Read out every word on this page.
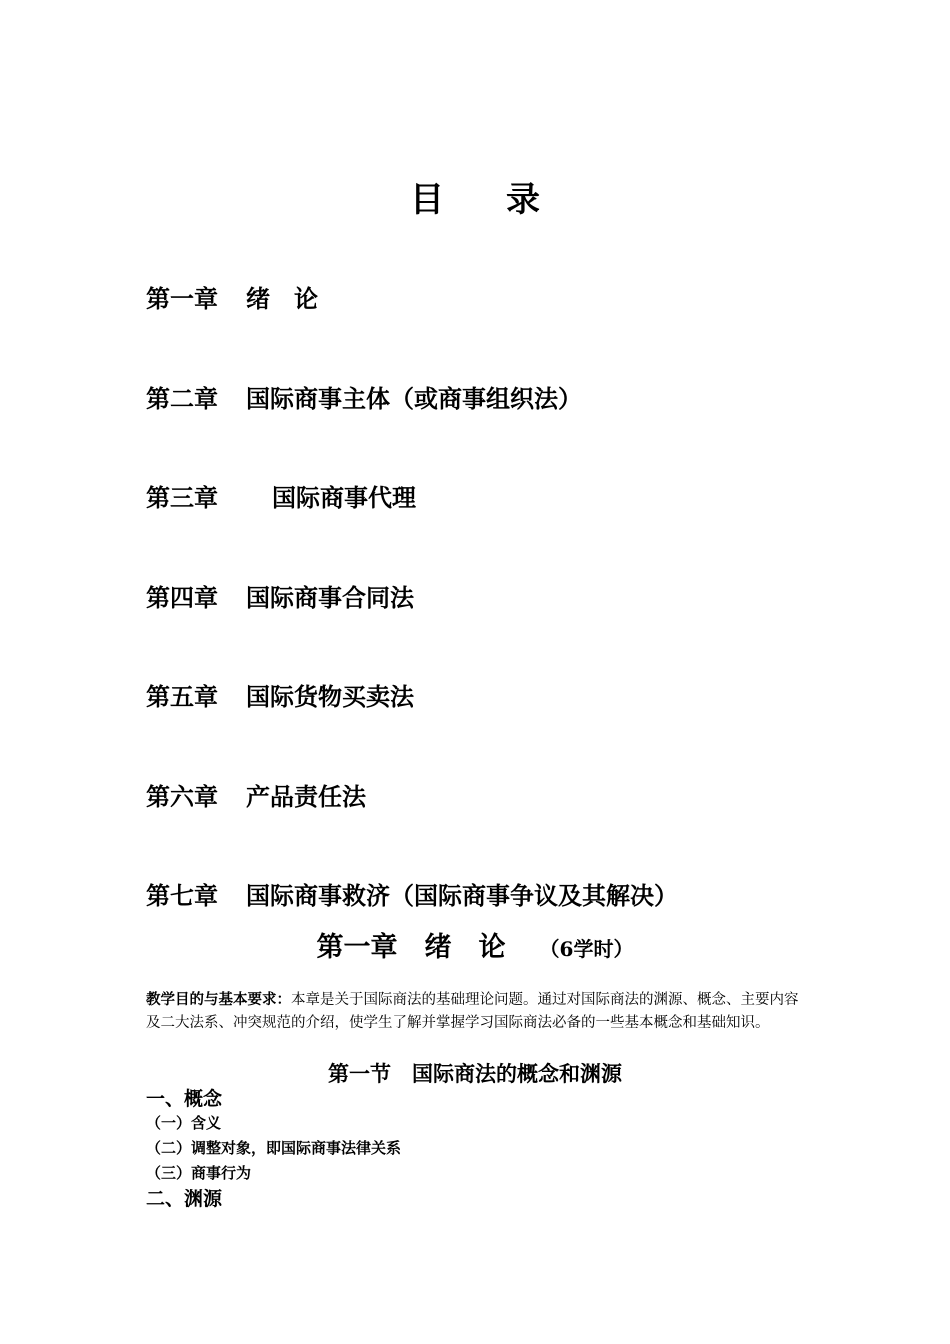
目录
第一章 绪　论
第二章 国际商事主体（或商事组织法）
第三章 国际商事代理
第四章 国际商事合同法
第五章 国际货物买卖法
第六章 产品责任法
第七章 国际商事救济（国际商事争议及其解决）
第一章　绪　论 （6学时）
教学目的与基本要求：本章是关于国际商法的基础理论问题。通过对国际商法的渊源、概念、主要内容及二大法系、冲突规范的介绍，使学生了解并掌握学习国际商法必备的一些基本概念和基础知识。
第一节　国际商法的概念和渊源
一、概念
（一）含义
（二）调整对象，即国际商事法律关系
（三）商事行为
二、渊源
